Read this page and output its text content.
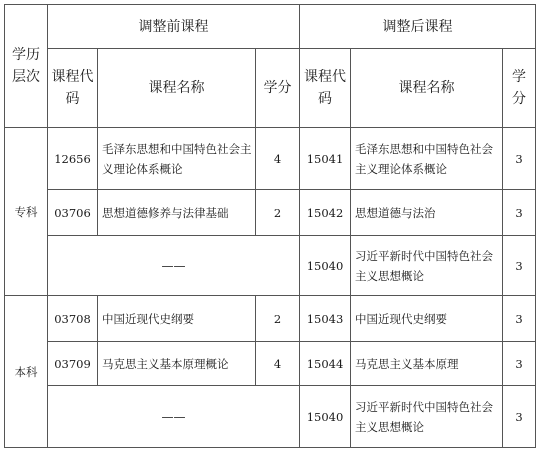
学历层次	调整前课程			调整后课程		
	课程代码	课程名称	学分	课程代码	课程名称	学分
专科	12656	毛泽东思想和中国特色社会主义理论体系概论	4	15041	毛泽东思想和中国特色社会主义理论体系概论	3
	03706	思想道德修养与法律基础	2	15042	思想道德与法治	3
	——			15040	习近平新时代中国特色社会主义思想概论	3
本科	03708	中国近现代史纲要	2	15043	中国近现代史纲要	3
	03709	马克思主义基本原理概论	4	15044	马克思主义基本原理	3
	——			15040	习近平新时代中国特色社会主义思想概论	3
